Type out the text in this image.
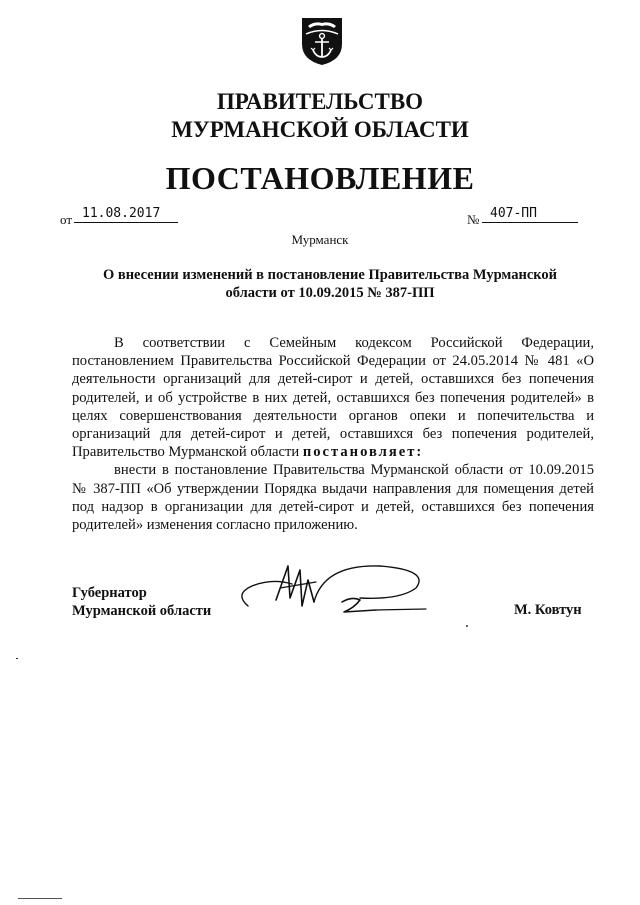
ПРАВИТЕЛЬСТВО
МУРМАНСКОЙ ОБЛАСТИ
ПОСТАНОВЛЕНИЕ
от 11.08.2017	№ 407-ПП
Мурманск
О внесении изменений в постановление Правительства Мурманской
области от 10.09.2015 № 387-ПП

В соответствии с Семейным кодексом Российской Федерации, постановлением Правительства Российской Федерации от 24.05.2014 № 481 «О деятельности организаций для детей-сирот и детей, оставшихся без попечения родителей, и об устройстве в них детей, оставшихся без попечения родителей» в целях совершенствования деятельности органов опеки и попечительства и организаций для детей-сирот и детей, оставшихся без попечения родителей, Правительство Мурманской области постановляет:

внести в постановление Правительства Мурманской области от 10.09.2015 № 387-ПП «Об утверждении Порядка выдачи направления для помещения детей под надзор в организации для детей-сирот и детей, оставшихся без попечения родителей» изменения согласно приложению.

Губернатор
Мурманской области	М. Ковтун
